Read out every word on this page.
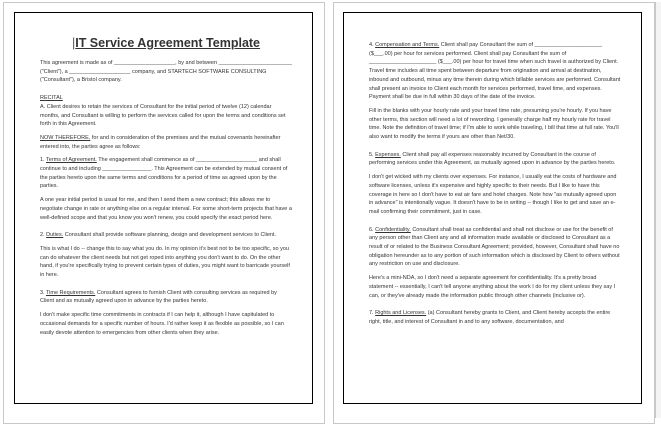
|IT Service Agreement Template

This agreement is made as of ____________________, by and between ________________________ ("Client"), a ____________________ company, and STARTECH SOFTWARE CONSULTING ("Consultant"), a Bristol company.

RECITAL

A. Client desires to retain the services of Consultant for the initial period of twelve (12) calendar months, and Consultant is willing to perform the services called for upon the terms and conditions set forth in this Agreement.

NOW THEREFORE, for and in consideration of the premises and the mutual covenants hereinafter entered into, the parties agree as follows:

1. Terms of Agreement. The engagement shall commence as of ____________________ and shall continue to and including ________________. This Agreement can be extended by mutual consent of the parties hereto upon the same terms and conditions for a period of time as agreed upon by the parties.

A one year initial period is usual for me, and then I send them a new contract; this allows me to negotiate change in rate or anything else on a regular interval. For some short-term projects that have a well-defined scope and that you know you won't renew, you could specify the exact period here.

2. Duties. Consultant shall provide software planning, design and development services to Client.

This is what I do -- change this to say what you do. In my opinion it's best not to be too specific, so you can do whatever the client needs but not get roped into anything you don't want to do. On the other hand, if you're specifically trying to prevent certain types of duties, you might want to barricade yourself in here.

3. Time Requirements. Consultant agrees to furnish Client with consulting services as required by Client and as mutually agreed upon in advance by the parties hereto.

I don't make specific time commitments in contracts if I can help it, although I have capitulated to occasional demands for a specific number of hours. I'd rather keep it as flexible as possible, so I can easily devote attention to emergencies from other clients when they arise.

4. Compensation and Terms. Client shall pay Consultant the sum of ______________________ ($___.00) per hour for services performed. Client shall pay Consultant the sum of ______________________ ($___.00) per hour for travel time when such travel is authorized by Client. Travel time includes all time spent between departure from origination and arrival at destination, inbound and outbound, minus any time therein during which billable services are performed. Consultant shall present an invoice to Client each month for services performed, travel time, and expenses. Payment shall be due in full within 30 days of the date of the invoice.

Fill in the blanks with your hourly rate and your travel time rate, presuming you're hourly. If you have other terms, this section will need a lot of rewording. I generally charge half my hourly rate for travel time. Note the definition of travel time; if I'm able to work while traveling, I bill that time at full rate. You'll also want to modify the terms if yours are other than Net/30.

5. Expenses. Client shall pay all expenses reasonably incurred by Consultant in the course of performing services under this Agreement, as mutually agreed upon in advance by the parties hereto.

I don't get wicked with my clients over expenses. For instance, I usually eat the costs of hardware and software licenses, unless it's expensive and highly specific to their needs. But I like to have this coverage in here so I don't have to eat air fare and hotel charges. Note how "as mutually agreed upon in advance" is intentionally vague. It doesn't have to be in writing -- though I like to get and save an e-mail confirming their commitment, just in case.

6. Confidentiality. Consultant shall treat as confidential and shall not disclose or use for the benefit of any person other than Client any and all information made available or disclosed to Consultant as a result of or related to the Business Consultant Agreement; provided, however, Consultant shall have no obligation hereunder as to any portion of such information which is disclosed by Client to others without any restriction on use and disclosure.

Here's a mini-NDA, so I don't need a separate agreement for confidentiality. It's a pretty broad statement -- essentially, I can't tell anyone anything about the work I do for my client unless they say I can, or they've already made the information public through other channels (inclusive or).

7. Rights and Licenses. (a) Consultant hereby grants to Client, and Client hereby accepts the entire right, title, and interest of Consultant in and to any software, documentation, and
